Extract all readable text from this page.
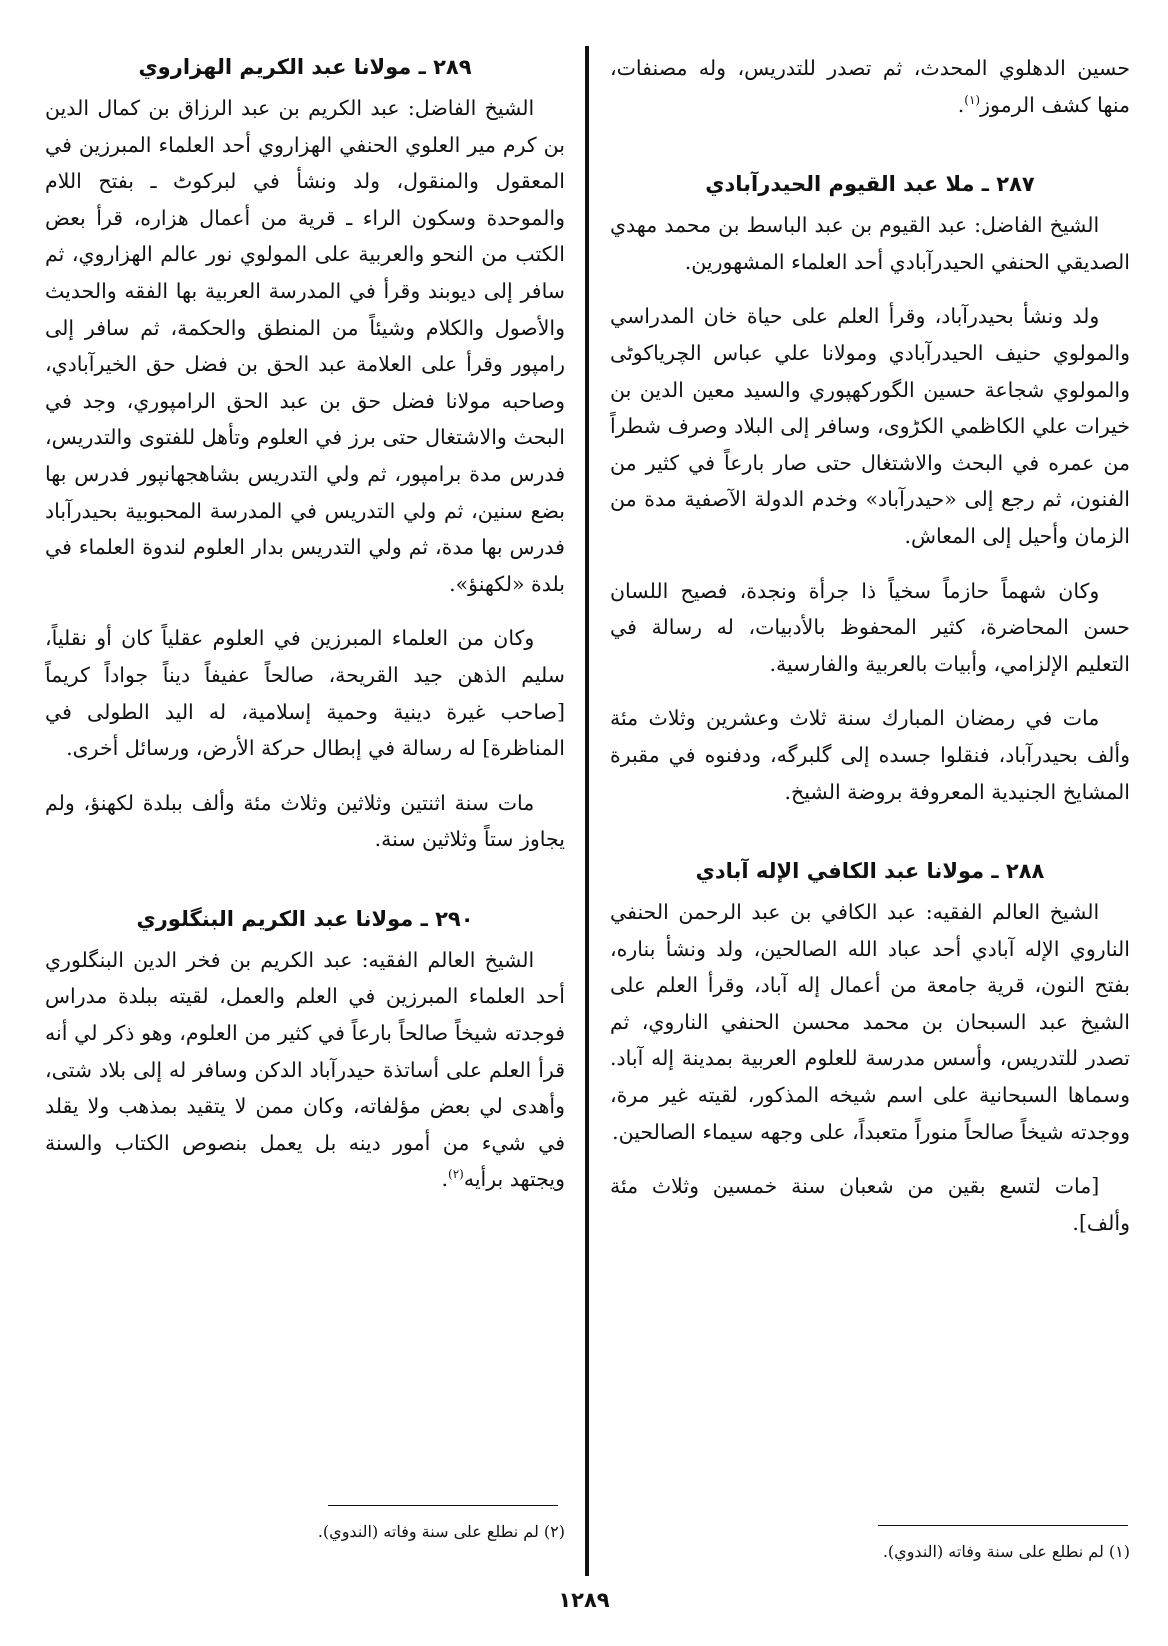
حسين الدهلوي المحدث، ثم تصدر للتدريس، وله مصنفات، منها كشف الرموز$^{(١)}$.

٢٨٧ ـ ملا عبد القيوم الحيدرآبادي

الشيخ الفاضل: عبد القيوم بن عبد الباسط بن محمد مهدي الصديقي الحنفي الحيدرآبادي أحد العلماء المشهورين.

ولد ونشأ بحيدرآباد، وقرأ العلم على حياة خان المدراسي والمولوي حنيف الحيدرآبادي ومولانا علي عباس الچرياكوٹی والمولوي شجاعة حسين الگوركهپوري والسيد معين الدين بن خيرات علي الكاظمي الكڑوی، وسافر إلى البلاد وصرف شطراً من عمره في البحث والاشتغال حتى صار بارعاً في كثير من الفنون، ثم رجع إلى «حيدرآباد» وخدم الدولة الآصفية مدة من الزمان وأحيل إلى المعاش.

وكان شهماً حازماً سخياً ذا جرأة ونجدة، فصيح اللسان حسن المحاضرة، كثير المحفوظ بالأدبيات، له رسالة في التعليم الإلزامي، وأبيات بالعربية والفارسية.

مات في رمضان المبارك سنة ثلاث وعشرين وثلاث مئة وألف بحيدرآباد، فنقلوا جسده إلى گلبرگه، ودفنوه في مقبرة المشايخ الجنيدية المعروفة بروضة الشيخ.

٢٨٨ ـ مولانا عبد الكافي الإله آبادي

الشيخ العالم الفقيه: عبد الكافي بن عبد الرحمن الحنفي الناروي الإله آبادي أحد عباد الله الصالحين، ولد ونشأ بناره، بفتح النون، قرية جامعة من أعمال إله آباد، وقرأ العلم على الشيخ عبد السبحان بن محمد محسن الحنفي الناروي، ثم تصدر للتدريس، وأسس مدرسة للعلوم العربية بمدينة إله آباد. وسماها السبحانية على اسم شيخه المذكور، لقيته غير مرة، ووجدته شيخاً صالحاً منوراً متعبداً، على وجهه سيماء الصالحين.

[مات لتسع بقين من شعبان سنة خمسين وثلاث مئة وألف].

٢٨٩ ـ مولانا عبد الكريم الهزاروي

الشيخ الفاضل: عبد الكريم بن عبد الرزاق بن كمال الدين بن كرم مير العلوي الحنفي الهزاروي أحد العلماء المبرزين في المعقول والمنقول، ولد ونشأ في لبركوٹ ـ بفتح اللام والموحدة وسكون الراء ـ قرية من أعمال هزاره، قرأ بعض الكتب من النحو والعربية على المولوي نور عالم الهزاروي، ثم سافر إلى ديوبند وقرأ في المدرسة العربية بها الفقه والحديث والأصول والكلام وشيئاً من المنطق والحكمة، ثم سافر إلى رامپور وقرأ على العلامة عبد الحق بن فضل حق الخيرآبادي، وصاحبه مولانا فضل حق بن عبد الحق الرامپوري، وجد في البحث والاشتغال حتى برز في العلوم وتأهل للفتوى والتدريس، فدرس مدة برامپور، ثم ولي التدريس بشاهجهانپور فدرس بها بضع سنين، ثم ولي التدريس في المدرسة المحبوبية بحيدرآباد فدرس بها مدة، ثم ولي التدريس بدار العلوم لندوة العلماء في بلدة «لكهنؤ».

وكان من العلماء المبرزين في العلوم عقلياً كان أو نقلياً، سليم الذهن جيد القريحة، صالحاً عفيفاً ديناً جواداً كريماً [صاحب غيرة دينية وحمية إسلامية، له اليد الطولى في المناظرة] له رسالة في إبطال حركة الأرض، ورسائل أخرى.

مات سنة اثنتين وثلاثين وثلاث مئة وألف ببلدة لكهنؤ، ولم يجاوز ستاً وثلاثين سنة.

٢٩٠ ـ مولانا عبد الكريم البنگلوري

الشيخ العالم الفقيه: عبد الكريم بن فخر الدين البنگلوري أحد العلماء المبرزين في العلم والعمل، لقيته ببلدة مدراس فوجدته شيخاً صالحاً بارعاً في كثير من العلوم، وهو ذكر لي أنه قرأ العلم على أساتذة حيدرآباد الدكن وسافر له إلى بلاد شتى، وأهدى لي بعض مؤلفاته، وكان ممن لا يتقيد بمذهب ولا يقلد في شيء من أمور دينه بل يعمل بنصوص الكتاب والسنة ويجتهد برأيه$^{(٢)}$.

(١) لم نطلع على سنة وفاته (الندوي).
(٢) لم نطلع على سنة وفاته (الندوي).
١٢٨٩
